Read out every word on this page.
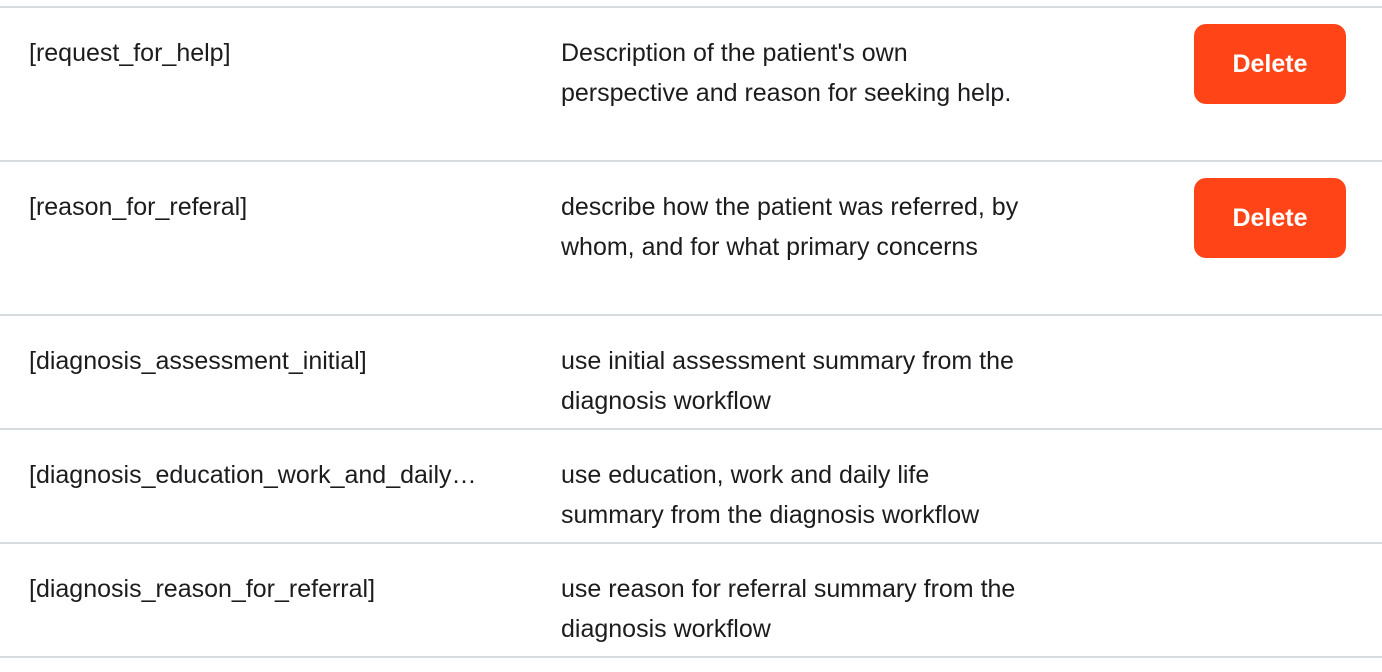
[request_for_help]	Description of the patient's own perspective and reason for seeking help.
Delete
[reason_for_referal]	describe how the patient was referred, by whom, and for what primary concerns
Delete
[diagnosis_assessment_initial]	use initial assessment summary from the diagnosis workflow
[diagnosis_education_work_and_daily…	use education, work and daily life summary from the diagnosis workflow
[diagnosis_reason_for_referral]	use reason for referral summary from the diagnosis workflow
